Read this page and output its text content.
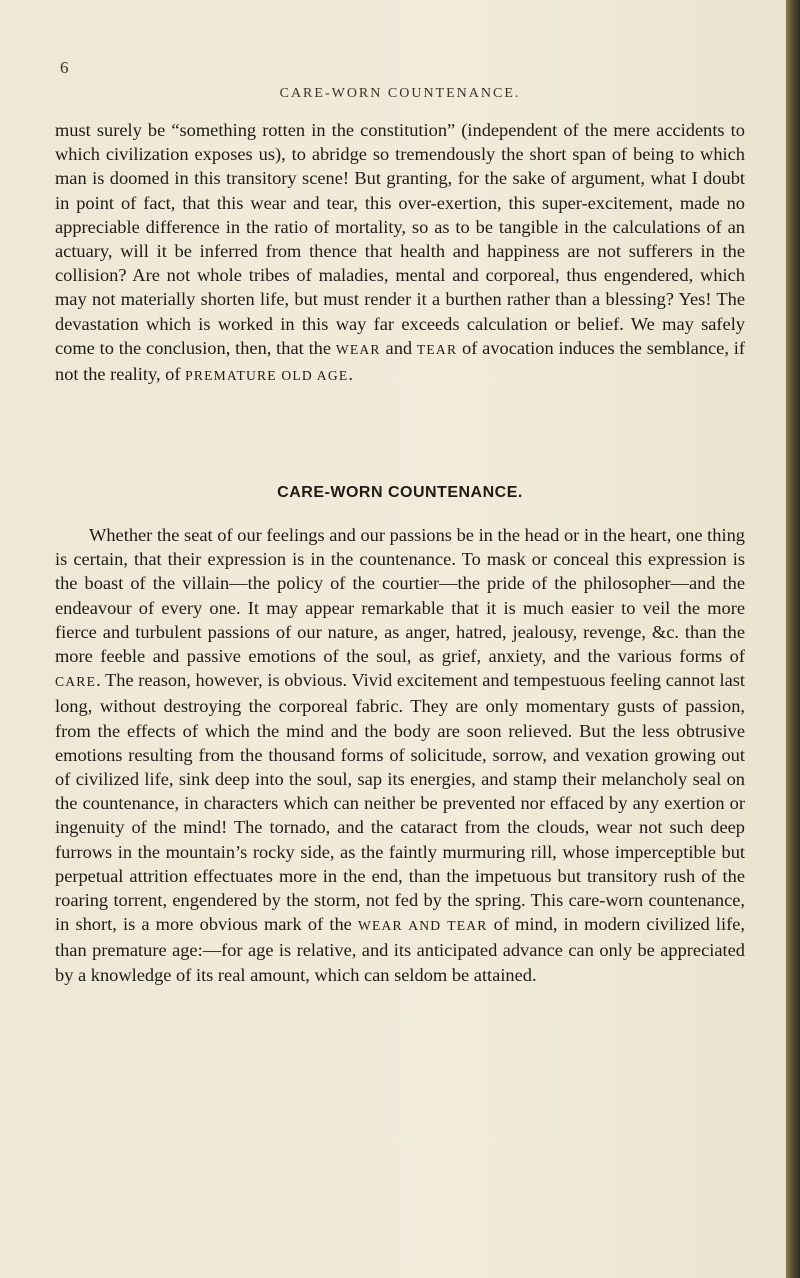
6
CARE-WORN COUNTENANCE.

must surely be “something rotten in the constitution” (independent of the mere accidents to which civilization exposes us), to abridge so tremendously the short span of being to which man is doomed in this transitory scene! But granting, for the sake of argument, what I doubt in point of fact, that this wear and tear, this over-exertion, this super-excitement, made no appreciable difference in the ratio of mortality, so as to be tangible in the calculations of an actuary, will it be inferred from thence that health and happiness are not sufferers in the collision? Are not whole tribes of maladies, mental and corporeal, thus engendered, which may not materially shorten life, but must render it a burthen rather than a blessing? Yes! The devastation which is worked in this way far exceeds calculation or belief. We may safely come to the conclusion, then, that the WEAR and TEAR of avocation induces the semblance, if not the reality, of PREMATURE OLD AGE.

CARE-WORN COUNTENANCE.

Whether the seat of our feelings and our passions be in the head or in the heart, one thing is certain, that their expression is in the countenance. To mask or conceal this expression is the boast of the villain—the policy of the courtier—the pride of the philosopher—and the endeavour of every one. It may appear remarkable that it is much easier to veil the more fierce and turbulent passions of our nature, as anger, hatred, jealousy, revenge, &c. than the more feeble and passive emotions of the soul, as grief, anxiety, and the various forms of CARE. The reason, however, is obvious. Vivid excitement and tempestuous feeling cannot last long, without destroying the corporeal fabric. They are only momentary gusts of passion, from the effects of which the mind and the body are soon relieved. But the less obtrusive emotions resulting from the thousand forms of solicitude, sorrow, and vexation growing out of civilized life, sink deep into the soul, sap its energies, and stamp their melancholy seal on the countenance, in characters which can neither be prevented nor effaced by any exertion or ingenuity of the mind! The tornado, and the cataract from the clouds, wear not such deep furrows in the mountain’s rocky side, as the faintly murmuring rill, whose imperceptible but perpetual attrition effectuates more in the end, than the impetuous but transitory rush of the roaring torrent, engendered by the storm, not fed by the spring. This care-worn countenance, in short, is a more obvious mark of the WEAR AND TEAR of mind, in modern civilized life, than premature age:—for age is relative, and its anticipated advance can only be appreciated by a knowledge of its real amount, which can seldom be attained.
